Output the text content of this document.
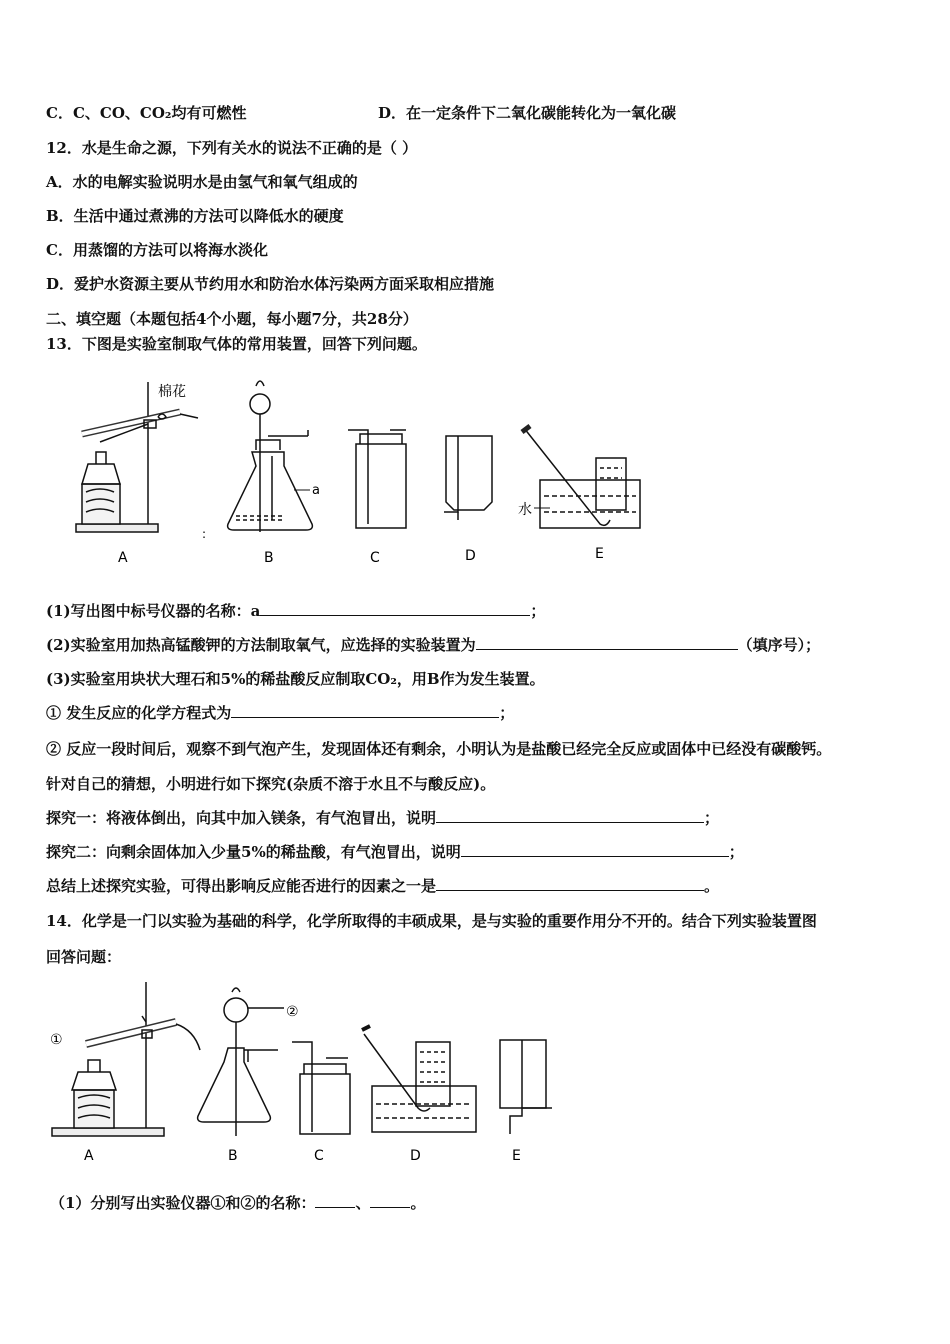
C．C、CO、CO₂均有可燃性	D．在一定条件下二氧化碳能转化为一氧化碳
12．水是生命之源，下列有关水的说法不正确的是（ ）
A．水的电解实验说明水是由氢气和氧气组成的
B．生活中通过煮沸的方法可以降低水的硬度
C．用蒸馏的方法可以将海水淡化
D．爱护水资源主要从节约用水和防治水体污染两方面采取相应措施
二、填空题（本题包括4个小题，每小题7分，共28分）
13．下图是实验室制取气体的常用装置，回答下列问题。
A	B	C	D	E
棉花
a
水
:
(1)写出图中标号仪器的名称：a	；
(2)实验室用加热高锰酸钾的方法制取氧气，应选择的实验装置为	（填序号）；
(3)实验室用块状大理石和5%的稀盐酸反应制取CO₂，用B作为发生装置。
① 发生反应的化学方程式为	；
② 反应一段时间后，观察不到气泡产生，发现固体还有剩余，小明认为是盐酸已经完全反应或固体中已经没有碳酸钙。
针对自己的猜想，小明进行如下探究(杂质不溶于水且不与酸反应)。
探究一：将液体倒出，向其中加入镁条，有气泡冒出，说明	；
探究二：向剩余固体加入少量5%的稀盐酸，有气泡冒出，说明	；
总结上述探究实验，可得出影响反应能否进行的因素之一是	。
14．化学是一门以实验为基础的科学，化学所取得的丰硕成果，是与实验的重要作用分不开的。结合下列实验装置图
回答问题：
A	B	C	D	E
①
②
（1）分别写出实验仪器①和②的名称：	、	。
